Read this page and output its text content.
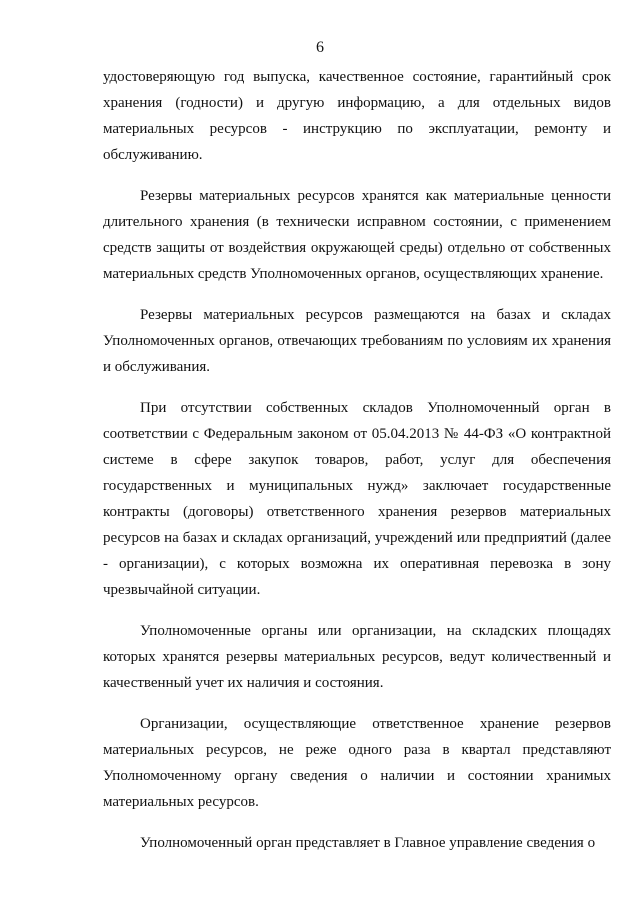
6

удостоверяющую год выпуска, качественное состояние, гарантийный срок хранения (годности) и другую информацию, а для отдельных видов материальных ресурсов - инструкцию по эксплуатации, ремонту и обслуживанию.

Резервы материальных ресурсов хранятся как материальные ценности длительного хранения (в технически исправном состоянии, с применением средств защиты от воздействия окружающей среды) отдельно от собственных материальных средств Уполномоченных органов, осуществляющих хранение.

Резервы материальных ресурсов размещаются на базах и складах Уполномоченных органов, отвечающих требованиям по условиям их хранения и обслуживания.

При отсутствии собственных складов Уполномоченный орган в соответствии с Федеральным законом от 05.04.2013 № 44-ФЗ «О контрактной системе в сфере закупок товаров, работ, услуг для обеспечения государственных и муниципальных нужд» заключает государственные контракты (договоры) ответственного хранения резервов материальных ресурсов на базах и складах организаций, учреждений или предприятий (далее - организации), с которых возможна их оперативная перевозка в зону чрезвычайной ситуации.

Уполномоченные органы или организации, на складских площадях которых хранятся резервы материальных ресурсов, ведут количественный и качественный учет их наличия и состояния.

Организации, осуществляющие ответственное хранение резервов материальных ресурсов, не реже одного раза в квартал представляют Уполномоченному органу сведения о наличии и состоянии хранимых материальных ресурсов.

Уполномоченный орган представляет в Главное управление сведения о
